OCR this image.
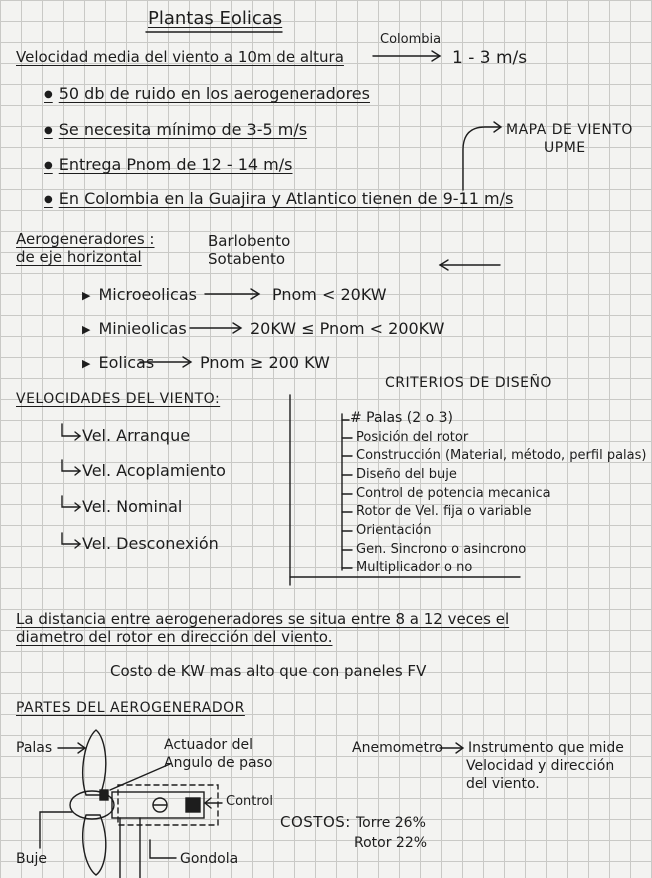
Plantas Eolicas
Velocidad media del viento a 10m de altura
Colombia
1 - 3 m/s
● 50 db de ruido en los aerogeneradores
● Se necesita mínimo de 3-5 m/s
● Entrega Pnom de 12 - 14 m/s
● En Colombia en la Guajira y Atlantico tienen de 9-11 m/s
MAPA DE VIENTO
UPME
Aerogeneradores :
de eje horizontal
Barlobento
Sotabento
▶ Microeolicas	Pnom < 20KW
▶ Minieolicas	20KW ≤ Pnom < 200KW
▶ Eolicas	Pnom ≥ 200 KW
VELOCIDADES DEL VIENTO:
Vel. Arranque
Vel. Acoplamiento
Vel. Nominal
Vel. Desconexión
CRITERIOS DE DISEÑO
# Palas (2 o 3)
Posición del rotor
Construcción (Material, método, perfil palas)
Diseño del buje
Control de potencia mecanica
Rotor de Vel. fija o variable
Orientación
Gen. Sincrono o asincrono
Multiplicador o no
La distancia entre aerogeneradores se situa entre 8 a 12 veces el
diametro del rotor en dirección del viento.
Costo de KW mas alto que con paneles FV
PARTES DEL AEROGENERADOR
Palas	Actuador del
Angulo de paso
Control
Buje	Gondola
Anemometro Instrumento que mide
Velocidad y dirección
del viento.
COSTOS: Torre 26%
Rotor 22%
